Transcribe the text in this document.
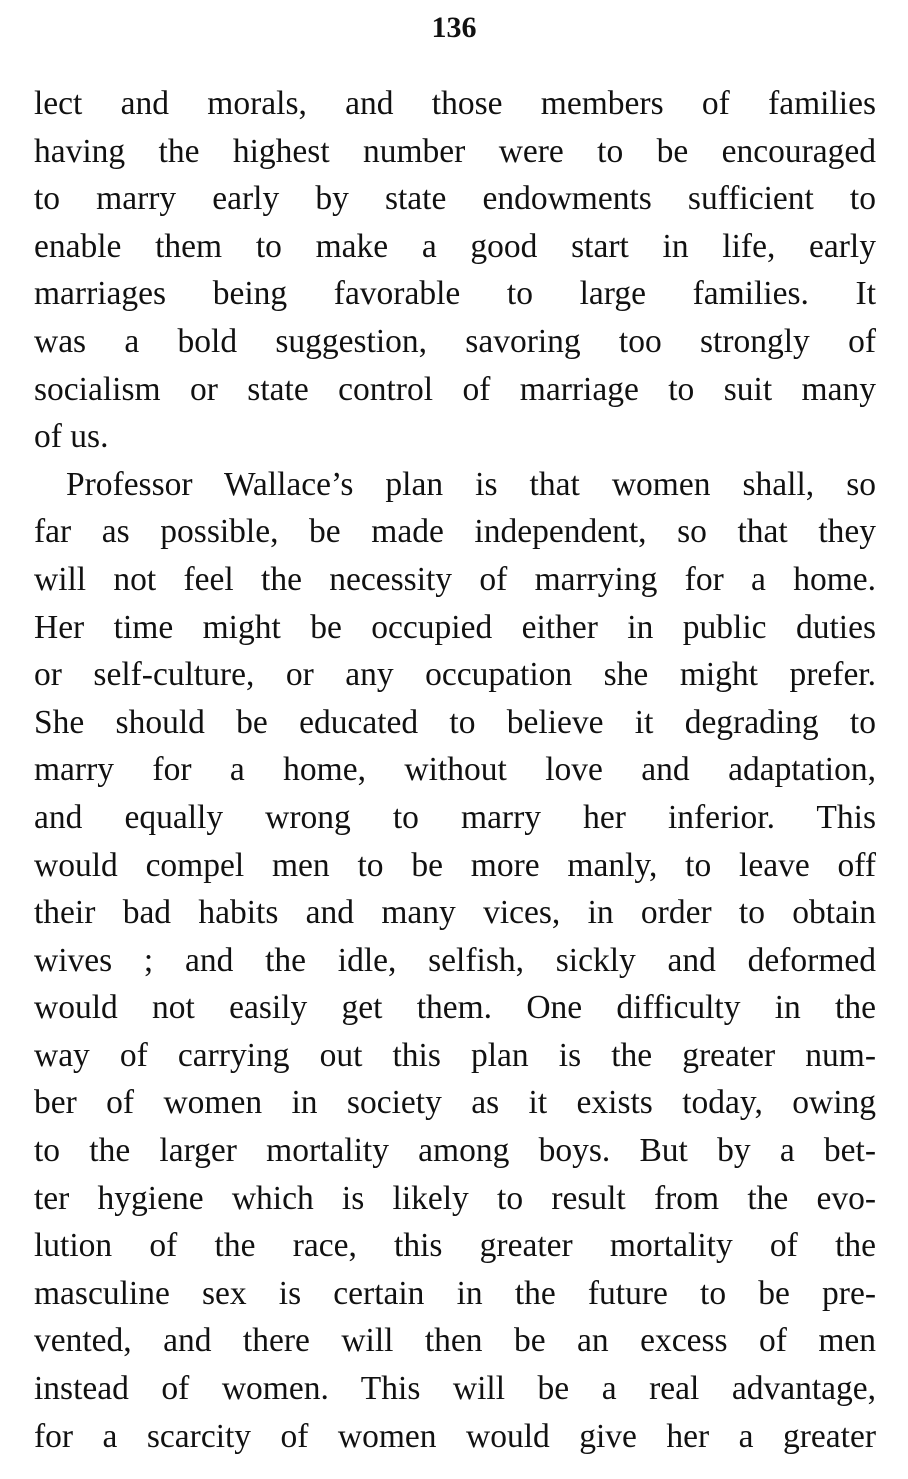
136
lect and morals, and those members of families
having the highest number were to be encouraged
to marry early by state endowments sufficient to
enable them to make a good start in life, early
marriages being favorable to large families. It
was a bold suggestion, savoring too strongly of
socialism or state control of marriage to suit many
of us.
Professor Wallace’s plan is that women shall, so
far as possible, be made independent, so that they
will not feel the necessity of marrying for a home.
Her time might be occupied either in public duties
or self-culture, or any occupation she might prefer.
She should be educated to believe it degrading to
marry for a home, without love and adaptation,
and equally wrong to marry her inferior. This
would compel men to be more manly, to leave off
their bad habits and many vices, in order to obtain
wives ; and the idle, selfish, sickly and deformed
would not easily get them. One difficulty in the
way of carrying out this plan is the greater num-
ber of women in society as it exists today, owing
to the larger mortality among boys. But by a bet-
ter hygiene which is likely to result from the evo-
lution of the race, this greater mortality of the
masculine sex is certain in the future to be pre-
vented, and there will then be an excess of men
instead of women. This will be a real advantage,
for a scarcity of women would give her a greater
